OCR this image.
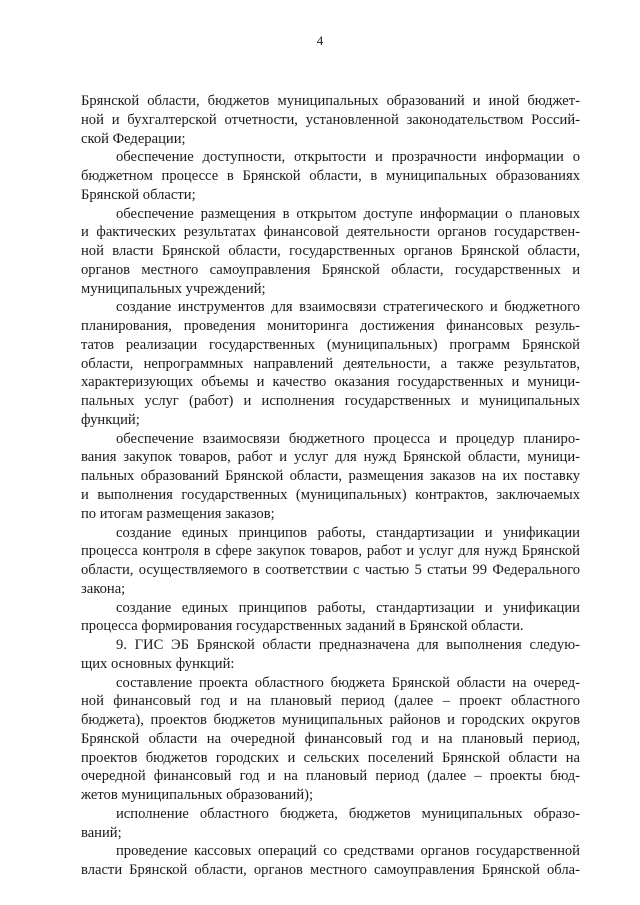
4
Брянской области, бюджетов муниципальных образований и иной бюджет-
ной и бухгалтерской отчетности, установленной законодательством Россий-
ской Федерации;
обеспечение доступности, открытости и прозрачности информации о
бюджетном процессе в Брянской области, в муниципальных образованиях
Брянской области;
обеспечение размещения в открытом доступе информации о плановых
и фактических результатах финансовой деятельности органов государствен-
ной власти Брянской области, государственных органов Брянской области,
органов местного самоуправления Брянской области, государственных и
муниципальных учреждений;
создание инструментов для взаимосвязи стратегического и бюджетного
планирования, проведения мониторинга достижения финансовых резуль-
татов реализации государственных (муниципальных) программ Брянской
области, непрограммных направлений деятельности, а также результатов,
характеризующих объемы и качество оказания государственных и муници-
пальных услуг (работ) и исполнения государственных и муниципальных
функций;
обеспечение взаимосвязи бюджетного процесса и процедур планиро-
вания закупок товаров, работ и услуг для нужд Брянской области, муници-
пальных образований Брянской области, размещения заказов на их поставку
и выполнения государственных (муниципальных) контрактов, заключаемых
по итогам размещения заказов;
создание единых принципов работы, стандартизации и унификации
процесса контроля в сфере закупок товаров, работ и услуг для нужд Брянской
области, осуществляемого в соответствии с частью 5 статьи 99 Федерального
закона;
создание единых принципов работы, стандартизации и унификации
процесса формирования государственных заданий в Брянской области.
9. ГИС ЭБ Брянской области предназначена для выполнения следую-
щих основных функций:
составление проекта областного бюджета Брянской области на очеред-
ной финансовый год и на плановый период (далее – проект областного
бюджета), проектов бюджетов муниципальных районов и городских округов
Брянской области на очередной финансовый год и на плановый период,
проектов бюджетов городских и сельских поселений Брянской области на
очередной финансовый год и на плановый период (далее – проекты бюд-
жетов муниципальных образований);
исполнение областного бюджета, бюджетов муниципальных образо-
ваний;
проведение кассовых операций со средствами органов государственной
власти Брянской области, органов местного самоуправления Брянской обла-
